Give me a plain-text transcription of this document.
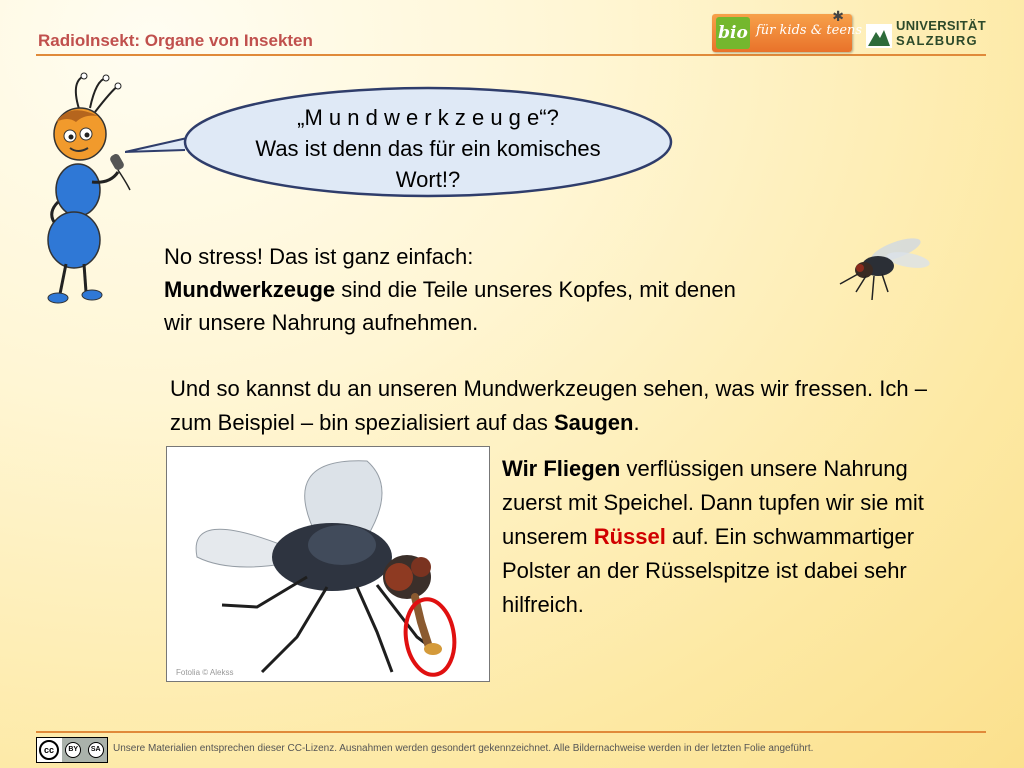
RadioInsekt: Organe von Insekten	bio für kids & teens
✱
UNIVERSITÄT
SALZBURG
„M u n d w e r k z e u g e“?
Was ist denn das für ein komisches
Wort!?
No stress! Das ist ganz einfach:
Mundwerkzeuge sind die Teile unseres Kopfes, mit denen
wir unsere Nahrung aufnehmen.
Und so kannst du an unseren Mundwerkzeugen sehen, was wir fressen. Ich – zum Beispiel – bin spezialisiert auf das Saugen.
Fotolia © Alekss
Wir Fliegen verflüssigen unsere Nahrung zuerst mit Speichel. Dann tupfen wir sie mit unserem Rüssel auf. Ein schwammartiger Polster an der Rüsselspitze ist dabei sehr hilfreich.
cc	BY	SA	Unsere Materialien entsprechen dieser CC-Lizenz. Ausnahmen werden gesondert gekennzeichnet. Alle Bildernachweise werden in der letzten Folie angeführt.
